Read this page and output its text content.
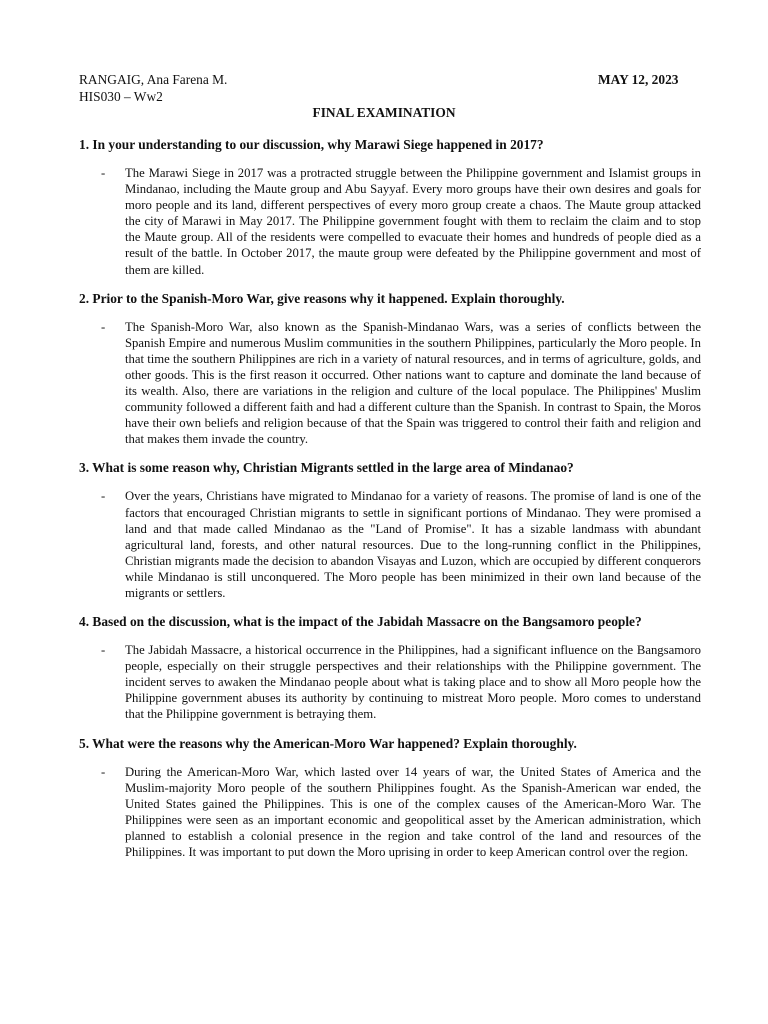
RANGAIG, Ana Farena M.
HIS030 – Ww2
MAY 12, 2023
FINAL EXAMINATION
1. In your understanding to our discussion, why Marawi Siege happened in 2017?
- The Marawi Siege in 2017 was a protracted struggle between the Philippine government and Islamist groups in Mindanao, including the Maute group and Abu Sayyaf. Every moro groups have their own desires and goals for moro people and its land, different perspectives of every moro group create a chaos. The Maute group attacked the city of Marawi in May 2017. The Philippine government fought with them to reclaim the claim and to stop the Maute group. All of the residents were compelled to evacuate their homes and hundreds of people died as a result of the battle. In October 2017, the maute group were defeated by the Philippine government and most of them are killed.
2. Prior to the Spanish-Moro War, give reasons why it happened. Explain thoroughly.
- The Spanish-Moro War, also known as the Spanish-Mindanao Wars, was a series of conflicts between the Spanish Empire and numerous Muslim communities in the southern Philippines, particularly the Moro people. In that time the southern Philippines are rich in a variety of natural resources, and in terms of agriculture, golds, and other goods. This is the first reason it occurred. Other nations want to capture and dominate the land because of its wealth. Also, there are variations in the religion and culture of the local populace. The Philippines' Muslim community followed a different faith and had a different culture than the Spanish. In contrast to Spain, the Moros have their own beliefs and religion because of that the Spain was triggered to control their faith and religion and that makes them invade the country.
3. What is some reason why, Christian Migrants settled in the large area of Mindanao?
- Over the years, Christians have migrated to Mindanao for a variety of reasons. The promise of land is one of the factors that encouraged Christian migrants to settle in significant portions of Mindanao. They were promised a land and that made called Mindanao as the "Land of Promise". It has a sizable landmass with abundant agricultural land, forests, and other natural resources. Due to the long-running conflict in the Philippines, Christian migrants made the decision to abandon Visayas and Luzon, which are occupied by different conquerors while Mindanao is still unconquered. The Moro people has been minimized in their own land because of the migrants or settlers.
4. Based on the discussion, what is the impact of the Jabidah Massacre on the Bangsamoro people?
- The Jabidah Massacre, a historical occurrence in the Philippines, had a significant influence on the Bangsamoro people, especially on their struggle perspectives and their relationships with the Philippine government. The incident serves to awaken the Mindanao people about what is taking place and to show all Moro people how the Philippine government abuses its authority by continuing to mistreat Moro people. Moro comes to understand that the Philippine government is betraying them.
5. What were the reasons why the American-Moro War happened? Explain thoroughly.
- During the American-Moro War, which lasted over 14 years of war, the United States of America and the Muslim-majority Moro people of the southern Philippines fought. As the Spanish-American war ended, the United States gained the Philippines. This is one of the complex causes of the American-Moro War. The Philippines were seen as an important economic and geopolitical asset by the American administration, which planned to establish a colonial presence in the region and take control of the land and resources of the Philippines. It was important to put down the Moro uprising in order to keep American control over the region.
